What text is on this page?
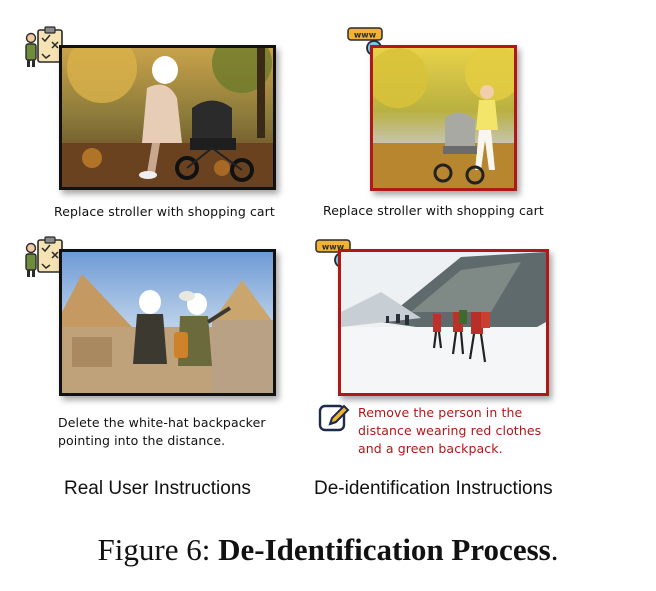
Replace stroller with shopping cart
www
Replace stroller with shopping cart
Delete the white-hat backpacker
pointing into the distance.
www
Remove the person in the
distance wearing red clothes
and a green backpack.
Real User Instructions	De-identification Instructions
Figure 6: De-Identification Process.
